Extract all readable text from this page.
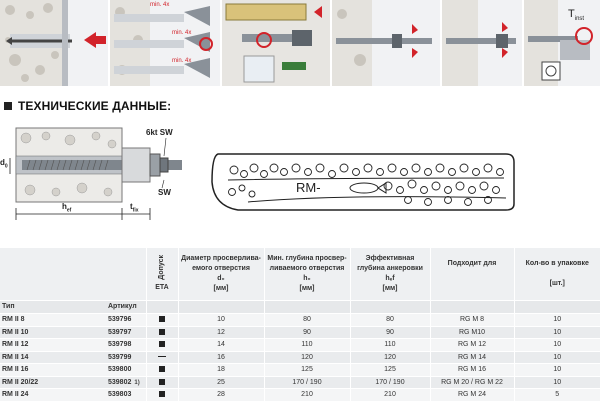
min. 4x
min. 4x
min. 4x
$T_{inst}$
ТЕХНИЧЕСКИЕ ДАННЫЕ:
6kt SW
SW
$d_0$
$h_{ef}$	$t_{fix}$
RM-
		Допуск
ETA	Диаметр просверлива-емого отверстия
d₀
[мм]	Мин. глубина просвер-ливаемого отверстия
h₀
[мм]	Эффективная глубина анкеровки
hₑf
[мм]	Подходит для	Кол-во в упаковке

[шт.]
Тип	Артикул						
RM II 8	539796		10	80	80	RG M 8	10
RM II 10	539797		12	90	90	RG M10	10
RM II 12	539798		14	110	110	RG M 12	10
RM II 14	539799		16	120	120	RG M 14	10
RM II 16	539800		18	125	125	RG M 16	10
RM II 20/22	539802 1)		25	170 / 190	170 / 190	RG M 20 / RG M 22	10
RM II 24	539803		28	210	210	RG M 24	5
